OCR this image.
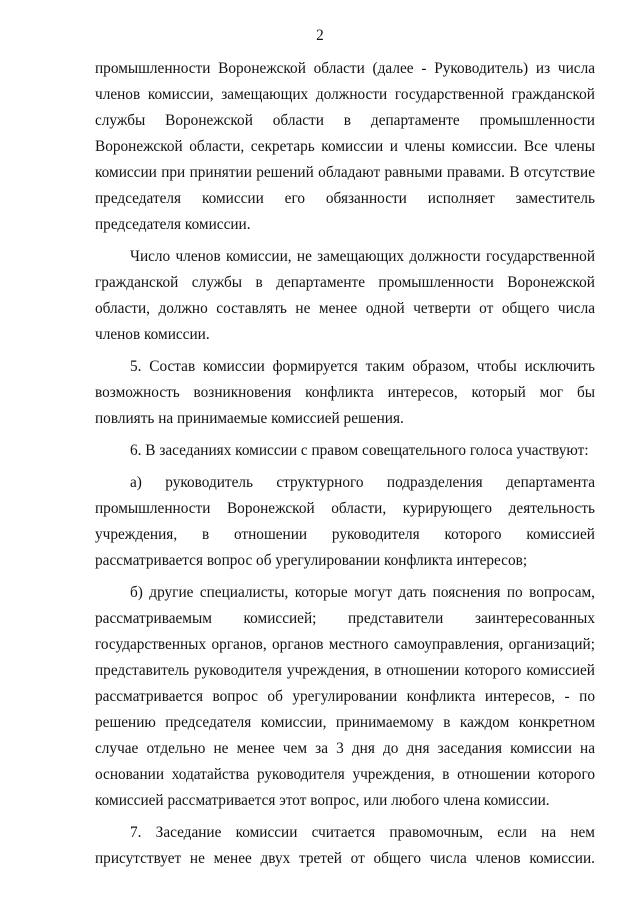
2

промышленности Воронежской области (далее - Руководитель) из числа членов комиссии, замещающих должности государственной гражданской службы Воронежской области в департаменте промышленности Воронежской области, секретарь комиссии и члены комиссии. Все члены комиссии при принятии решений обладают равными правами. В отсутствие председателя комиссии его обязанности исполняет заместитель председателя комиссии.

Число членов комиссии, не замещающих должности государственной гражданской службы в департаменте промышленности Воронежской области, должно составлять не менее одной четверти от общего числа членов комиссии.

5. Состав комиссии формируется таким образом, чтобы исключить возможность возникновения конфликта интересов, который мог бы повлиять на принимаемые комиссией решения.

6. В заседаниях комиссии с правом совещательного голоса участвуют:

а) руководитель структурного подразделения департамента промышленности Воронежской области, курирующего деятельность учреждения, в отношении руководителя которого комиссией рассматривается вопрос об урегулировании конфликта интересов;

б) другие специалисты, которые могут дать пояснения по вопросам, рассматриваемым комиссией; представители заинтересованных государственных органов, органов местного самоуправления, организаций; представитель руководителя учреждения, в отношении которого комиссией рассматривается вопрос об урегулировании конфликта интересов, - по решению председателя комиссии, принимаемому в каждом конкретном случае отдельно не менее чем за 3 дня до дня заседания комиссии на основании ходатайства руководителя учреждения, в отношении которого комиссией рассматривается этот вопрос, или любого члена комиссии.

7. Заседание комиссии считается правомочным, если на нем присутствует не менее двух третей от общего числа членов комиссии.
